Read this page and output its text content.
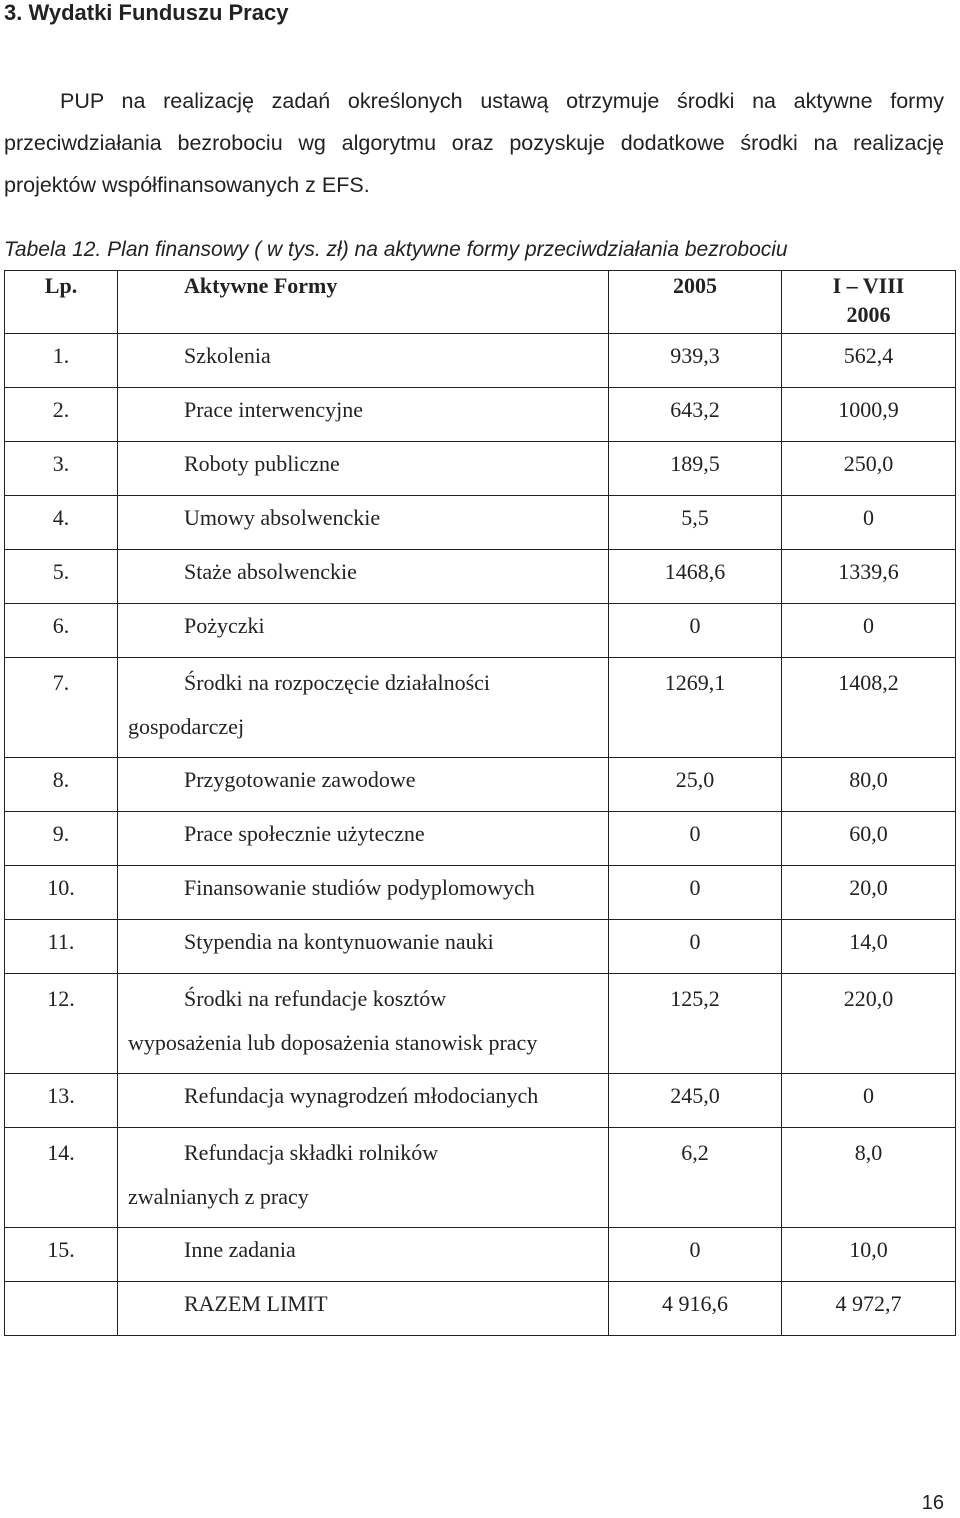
3. Wydatki Funduszu Pracy
PUP na realizację zadań określonych ustawą otrzymuje środki na aktywne formy przeciwdziałania bezrobociu wg algorytmu oraz pozyskuje dodatkowe środki na realizację projektów współfinansowanych z EFS.
Tabela 12. Plan finansowy ( w tys. zł) na aktywne formy przeciwdziałania bezrobociu
Lp.	Aktywne Formy	2005	I – VIII
2006
1.	Szkolenia	939,3	562,4
2.	Prace interwencyjne	643,2	1000,9
3.	Roboty publiczne	189,5	250,0
4.	Umowy absolwenckie	5,5	0
5.	Staże absolwenckie	1468,6	1339,6
6.	Pożyczki	0	0
7.	Środki na rozpoczęcie działalności
gospodarczej	1269,1	1408,2
8.	Przygotowanie zawodowe	25,0	80,0
9.	Prace społecznie użyteczne	0	60,0
10.	Finansowanie studiów podyplomowych	0	20,0
11.	Stypendia na kontynuowanie nauki	0	14,0
12.	Środki na refundacje kosztów
wyposażenia lub doposażenia stanowisk pracy	125,2	220,0
13.	Refundacja wynagrodzeń młodocianych	245,0	0
14.	Refundacja składki rolników
zwalnianych z pracy	6,2	8,0
15.	Inne zadania	0	10,0
	RAZEM LIMIT	4 916,6	4 972,7
16
